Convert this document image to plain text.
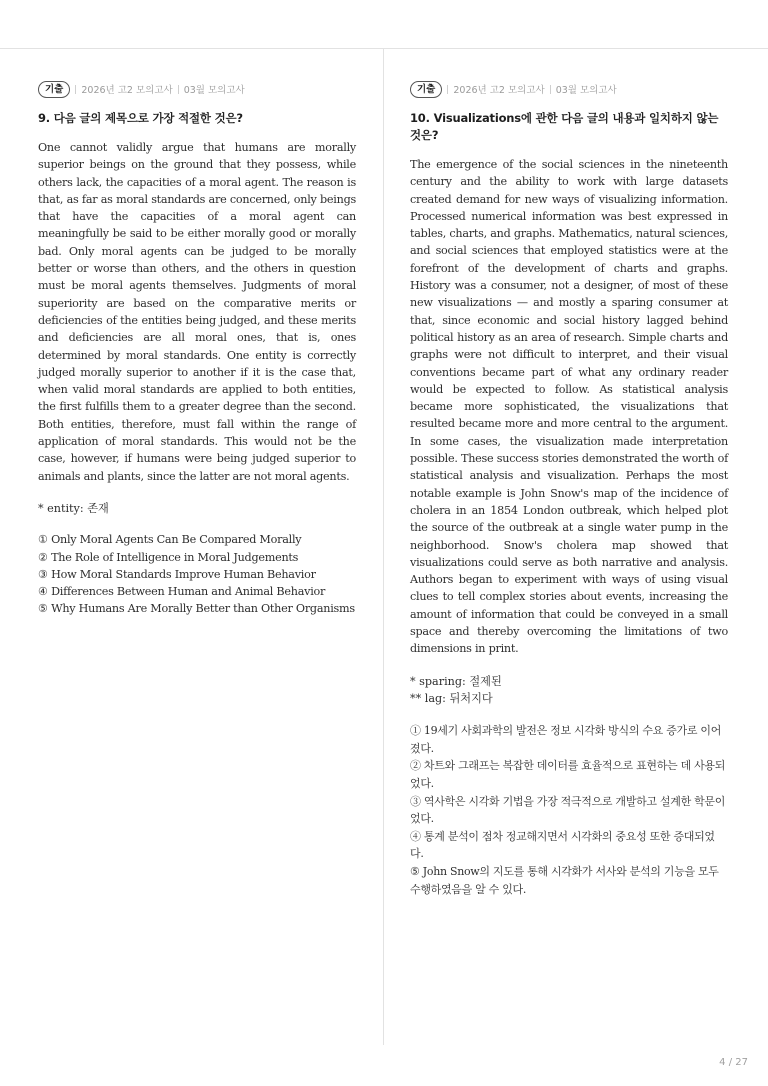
기출	2026년 고2 모의고사 03월 모의고사
9. 다음 글의 제목으로 가장 적절한 것은?

One cannot validly argue that humans are morally superior beings on the ground that they possess, while others lack, the capacities of a moral agent. The reason is that, as far as moral standards are concerned, only beings that have the capacities of a moral agent can meaningfully be said to be either morally good or morally bad. Only moral agents can be judged to be morally better or worse than others, and the others in question must be moral agents themselves. Judgments of moral superiority are based on the comparative merits or deficiencies of the entities being judged, and these merits and deficiencies are all moral ones, that is, ones determined by moral standards. One entity is correctly judged morally superior to another if it is the case that, when valid moral standards are applied to both entities, the first fulfills them to a greater degree than the second. Both entities, therefore, must fall within the range of application of moral standards. This would not be the case, however, if humans were being judged superior to animals and plants, since the latter are not moral agents.

* entity: 존재
① Only Moral Agents Can Be Compared Morally
② The Role of Intelligence in Moral Judgements
③ How Moral Standards Improve Human Behavior
④ Differences Between Human and Animal Behavior
⑤ Why Humans Are Morally Better than Other Organisms
기출	2026년 고2 모의고사 03월 모의고사
10. Visualizations에 관한 다음 글의 내용과 일치하지 않는 것은?

The emergence of the social sciences in the nineteenth century and the ability to work with large datasets created demand for new ways of visualizing information. Processed numerical information was best expressed in tables, charts, and graphs. Mathematics, natural sciences, and social sciences that employed statistics were at the forefront of the development of charts and graphs. History was a consumer, not a designer, of most of these new visualizations — and mostly a sparing consumer at that, since economic and social history lagged behind political history as an area of research. Simple charts and graphs were not difficult to interpret, and their visual conventions became part of what any ordinary reader would be expected to follow. As statistical analysis became more sophisticated, the visualizations that resulted became more and more central to the argument. In some cases, the visualization made interpretation possible. These success stories demonstrated the worth of statistical analysis and visualization. Perhaps the most notable example is John Snow's map of the incidence of cholera in an 1854 London outbreak, which helped plot the source of the outbreak at a single water pump in the neighborhood. Snow's cholera map showed that visualizations could serve as both narrative and analysis. Authors began to experiment with ways of using visual clues to tell complex stories about events, increasing the amount of information that could be conveyed in a small space and thereby overcoming the limitations of two dimensions in print.

* sparing: 절제된
** lag: 뒤처지다
① 19세기 사회과학의 발전은 정보 시각화 방식의 수요 증가로 이어졌다.
② 차트와 그래프는 복잡한 데이터를 효율적으로 표현하는 데 사용되었다.
③ 역사학은 시각화 기법을 가장 적극적으로 개발하고 설계한 학문이었다.
④ 통계 분석이 점차 정교해지면서 시각화의 중요성 또한 증대되었다.
⑤ John Snow의 지도를 통해 시각화가 서사와 분석의 기능을 모두 수행하였음을 알 수 있다.
4 / 27
